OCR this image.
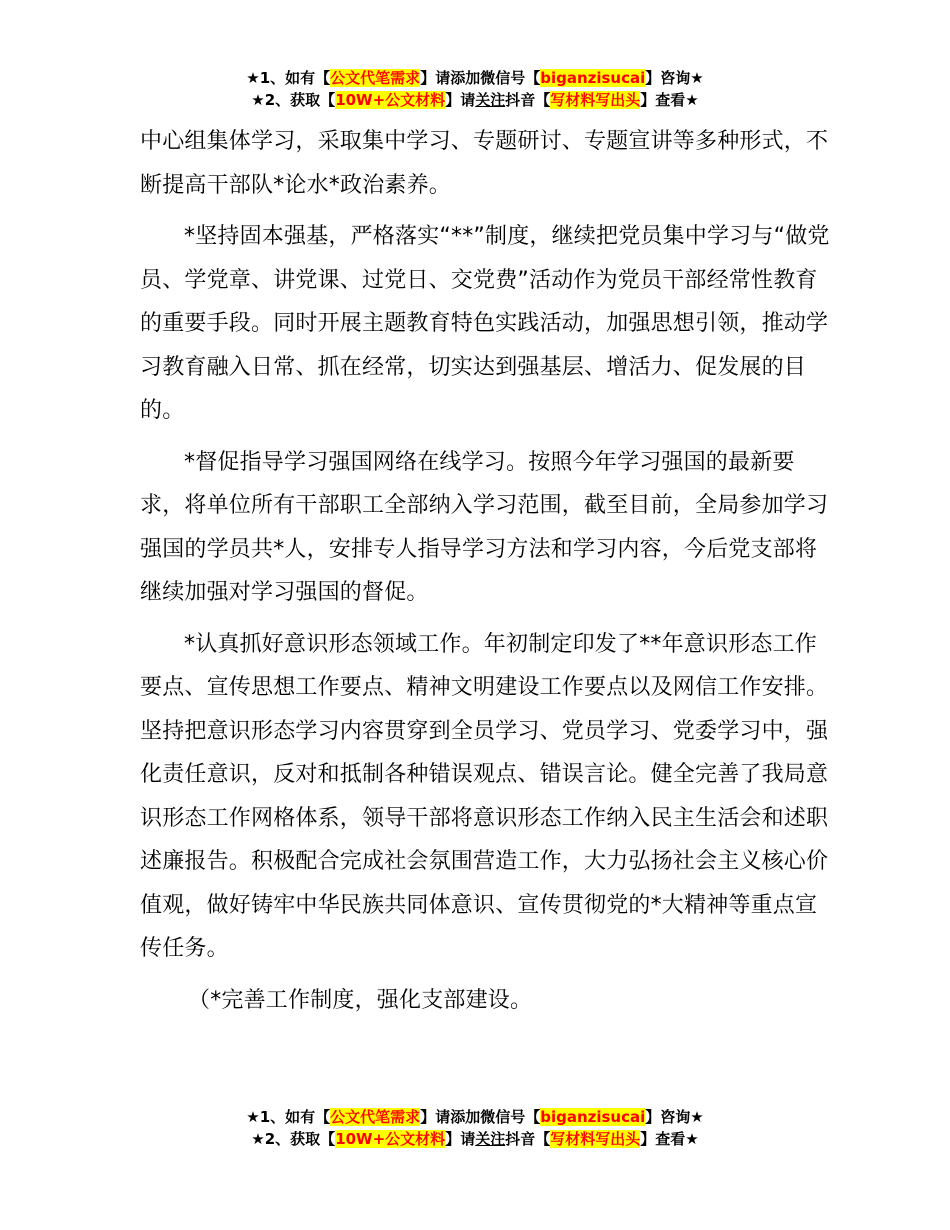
★1、如有【公文代笔需求】请添加微信号【biganzisucai】咨询★
★2、获取【10W+公文材料】请关注抖音【写材料写出头】查看★

中心组集体学习，采取集中学习、专题研讨、专题宣讲等多种形式，不断提高干部队*论水*政治素养。

*坚持固本强基，严格落实“**”制度，继续把党员集中学习与“做党员、学党章、讲党课、过党日、交党费”活动作为党员干部经常性教育的重要手段。同时开展主题教育特色实践活动，加强思想引领，推动学习教育融入日常、抓在经常，切实达到强基层、增活力、促发展的目的。

*督促指导学习强国网络在线学习。按照今年学习强国的最新要求，将单位所有干部职工全部纳入学习范围，截至目前，全局参加学习强国的学员共*人，安排专人指导学习方法和学习内容，今后党支部将继续加强对学习强国的督促。

*认真抓好意识形态领域工作。年初制定印发了**年意识形态工作要点、宣传思想工作要点、精神文明建设工作要点以及网信工作安排。坚持把意识形态学习内容贯穿到全员学习、党员学习、党委学习中，强化责任意识，反对和抵制各种错误观点、错误言论。健全完善了我局意识形态工作网格体系，领导干部将意识形态工作纳入民主生活会和述职述廉报告。积极配合完成社会氛围营造工作，大力弘扬社会主义核心价值观，做好铸牢中华民族共同体意识、宣传贯彻党的*大精神等重点宣传任务。

（*完善工作制度，强化支部建设。

★1、如有【公文代笔需求】请添加微信号【biganzisucai】咨询★
★2、获取【10W+公文材料】请关注抖音【写材料写出头】查看★
